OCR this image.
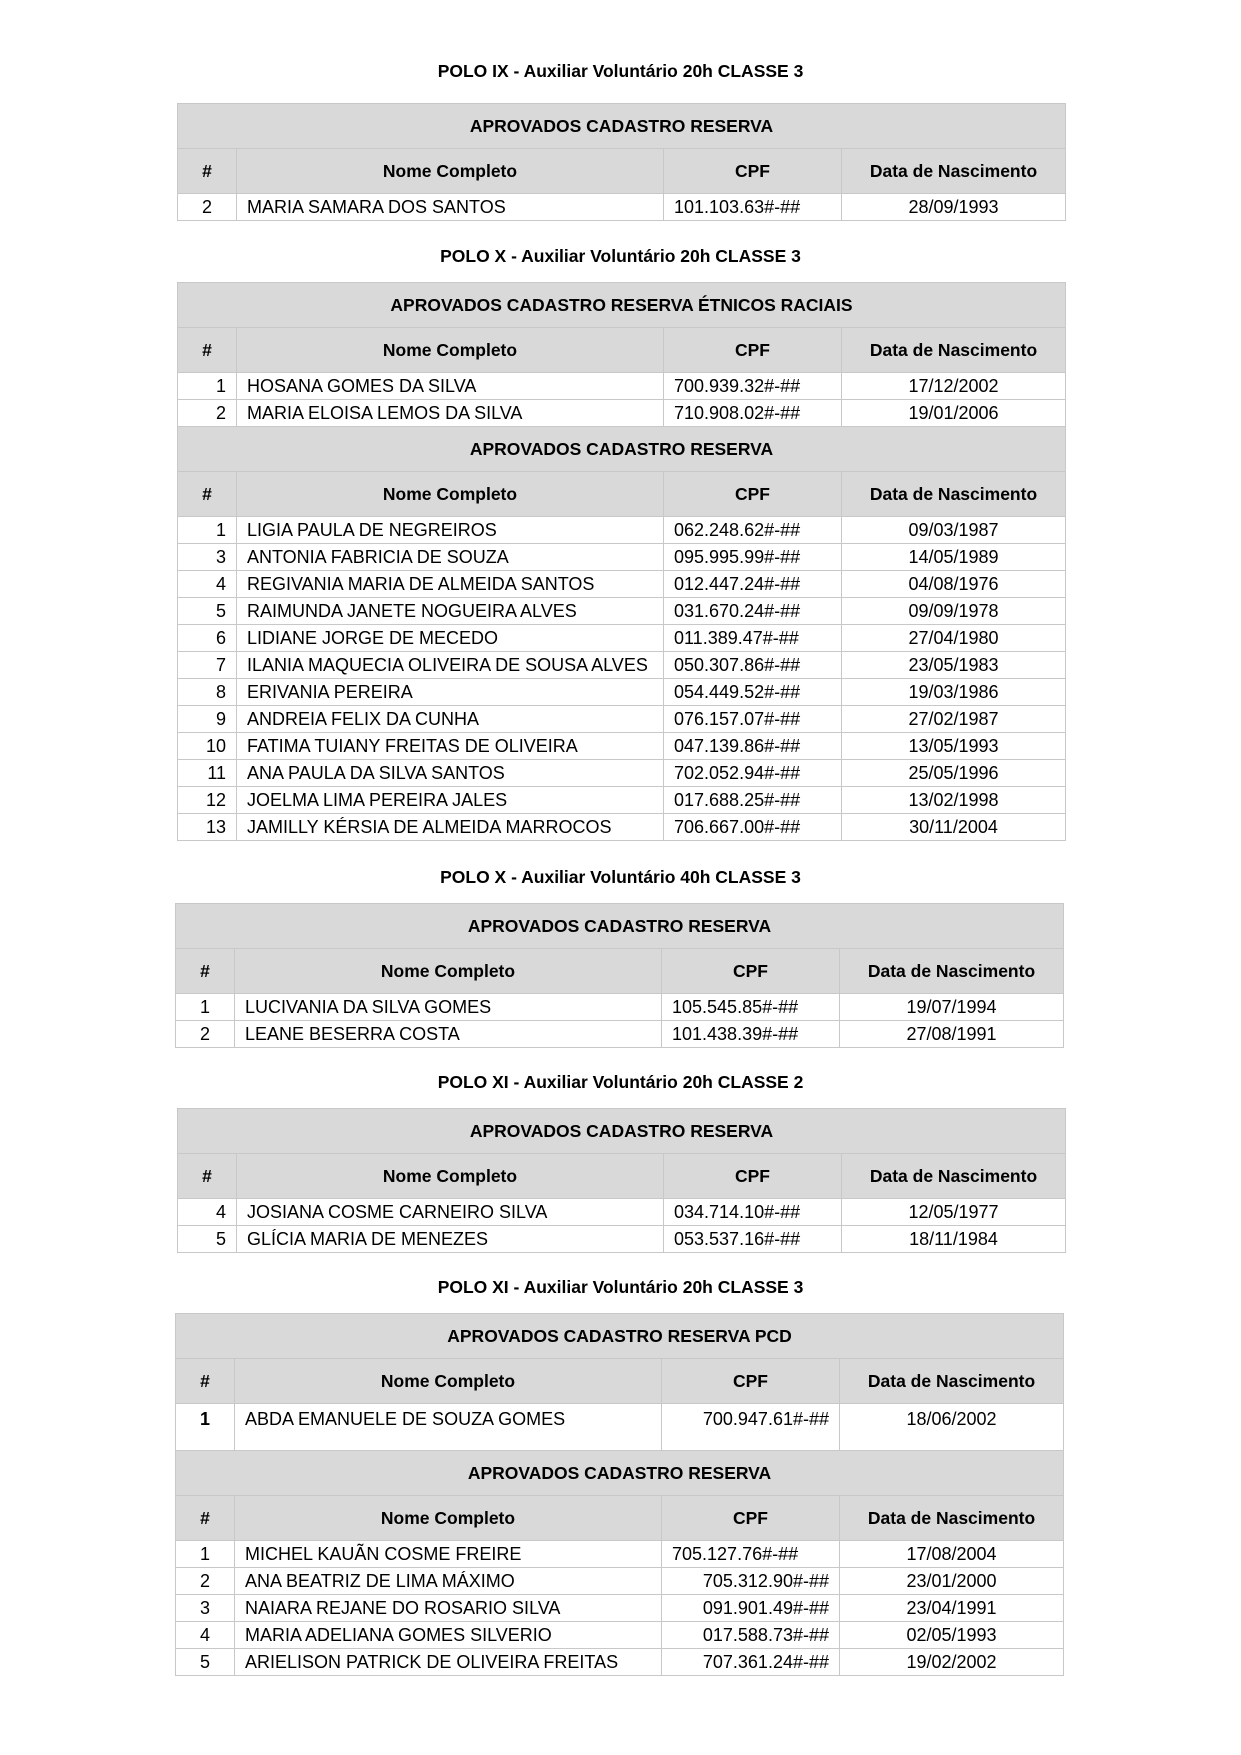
POLO IX - Auxiliar Voluntário 20h CLASSE 3
APROVADOS CADASTRO RESERVA			
#	Nome Completo	CPF	Data de Nascimento
2	MARIA SAMARA DOS SANTOS	101.103.63#-##	28/09/1993
POLO X - Auxiliar Voluntário 20h CLASSE 3
APROVADOS CADASTRO RESERVA ÉTNICOS RACIAIS			
#	Nome Completo	CPF	Data de Nascimento
1	HOSANA GOMES DA SILVA	700.939.32#-##	17/12/2002
2	MARIA ELOISA LEMOS DA SILVA	710.908.02#-##	19/01/2006
APROVADOS CADASTRO RESERVA			
#	Nome Completo	CPF	Data de Nascimento
1	LIGIA PAULA DE NEGREIROS	062.248.62#-##	09/03/1987
3	ANTONIA FABRICIA DE SOUZA	095.995.99#-##	14/05/1989
4	REGIVANIA MARIA DE ALMEIDA SANTOS	012.447.24#-##	04/08/1976
5	RAIMUNDA JANETE NOGUEIRA ALVES	031.670.24#-##	09/09/1978
6	LIDIANE JORGE DE MECEDO	011.389.47#-##	27/04/1980
7	ILANIA MAQUECIA OLIVEIRA DE SOUSA ALVES	050.307.86#-##	23/05/1983
8	ERIVANIA PEREIRA	054.449.52#-##	19/03/1986
9	ANDREIA FELIX DA CUNHA	076.157.07#-##	27/02/1987
10	FATIMA TUIANY FREITAS DE OLIVEIRA	047.139.86#-##	13/05/1993
11	ANA PAULA DA SILVA SANTOS	702.052.94#-##	25/05/1996
12	JOELMA LIMA PEREIRA JALES	017.688.25#-##	13/02/1998
13	JAMILLY KÉRSIA DE ALMEIDA MARROCOS	706.667.00#-##	30/11/2004
POLO X - Auxiliar Voluntário 40h CLASSE 3
APROVADOS CADASTRO RESERVA			
#	Nome Completo	CPF	Data de Nascimento
1	LUCIVANIA DA SILVA GOMES	105.545.85#-##	19/07/1994
2	LEANE BESERRA COSTA	101.438.39#-##	27/08/1991
POLO XI - Auxiliar Voluntário 20h CLASSE 2
APROVADOS CADASTRO RESERVA			
#	Nome Completo	CPF	Data de Nascimento
4	JOSIANA COSME CARNEIRO SILVA	034.714.10#-##	12/05/1977
5	GLÍCIA MARIA DE MENEZES	053.537.16#-##	18/11/1984
POLO XI - Auxiliar Voluntário 20h CLASSE 3
APROVADOS CADASTRO RESERVA PCD			
#	Nome Completo	CPF	Data de Nascimento
1	ABDA EMANUELE DE SOUZA GOMES	700.947.61#-##	18/06/2002
APROVADOS CADASTRO RESERVA			
#	Nome Completo	CPF	Data de Nascimento
1	MICHEL KAUÃN COSME FREIRE	705.127.76#-##	17/08/2004
2	ANA BEATRIZ DE LIMA MÁXIMO	705.312.90#-##	23/01/2000
3	NAIARA REJANE DO ROSARIO SILVA	091.901.49#-##	23/04/1991
4	MARIA ADELIANA GOMES SILVERIO	017.588.73#-##	02/05/1993
5	ARIELISON PATRICK DE OLIVEIRA FREITAS	707.361.24#-##	19/02/2002
